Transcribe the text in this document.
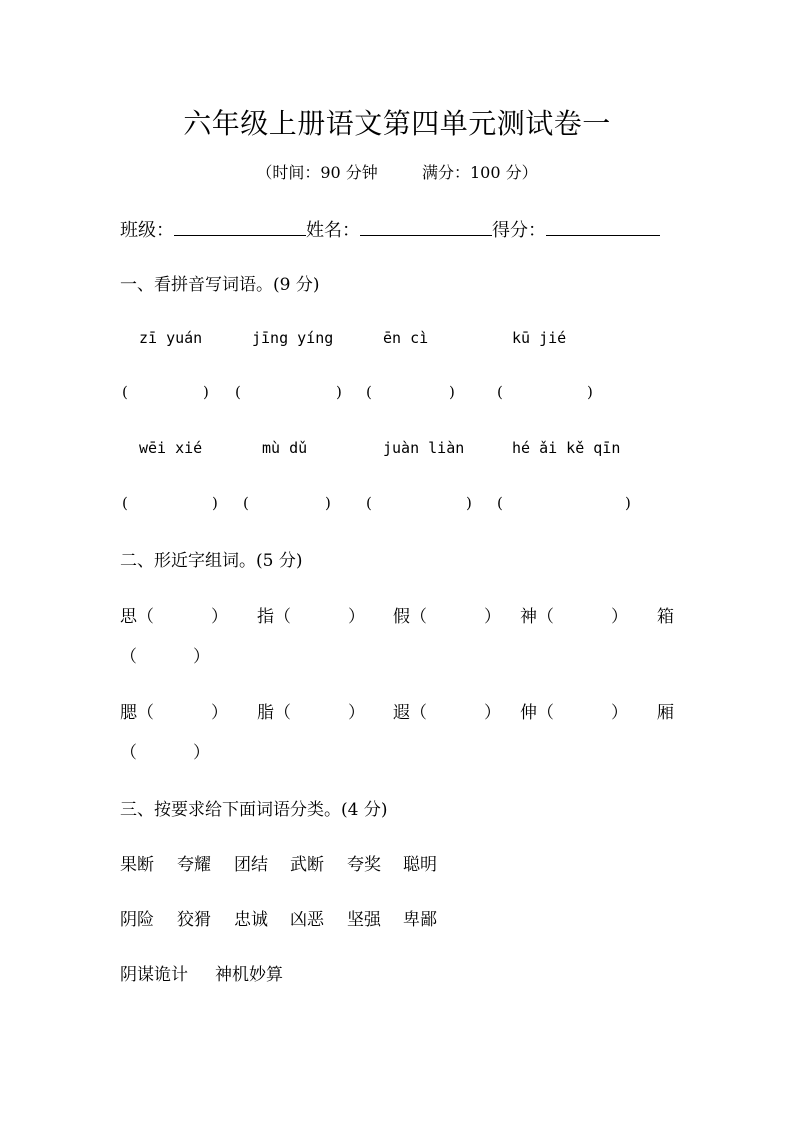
六年级上册语文第四单元测试卷一
（时间：90 分钟	满分：100 分）
班级：	姓名：	得分：
一、看拼音写词语。(9 分)
zī yuán	jīng yíng	ēn cì	kū jié
(	) (	) (	)	(	)
wēi xié	mù dǔ	juàn liàn	hé ǎi kě qīn
(	) (	) (	) (	)
二、形近字组词。(5 分)
思 （	） 指 （	） 假 （	） 神 （	） 箱
（	）
腮 （	） 脂 （	） 遐 （	） 伸 （	） 厢
（	）
三、按要求给下面词语分类。(4 分)
果断 夸耀 团结 武断 夸奖 聪明
阴险 狡猾 忠诚 凶恶 坚强 卑鄙
阴谋诡计 神机妙算
